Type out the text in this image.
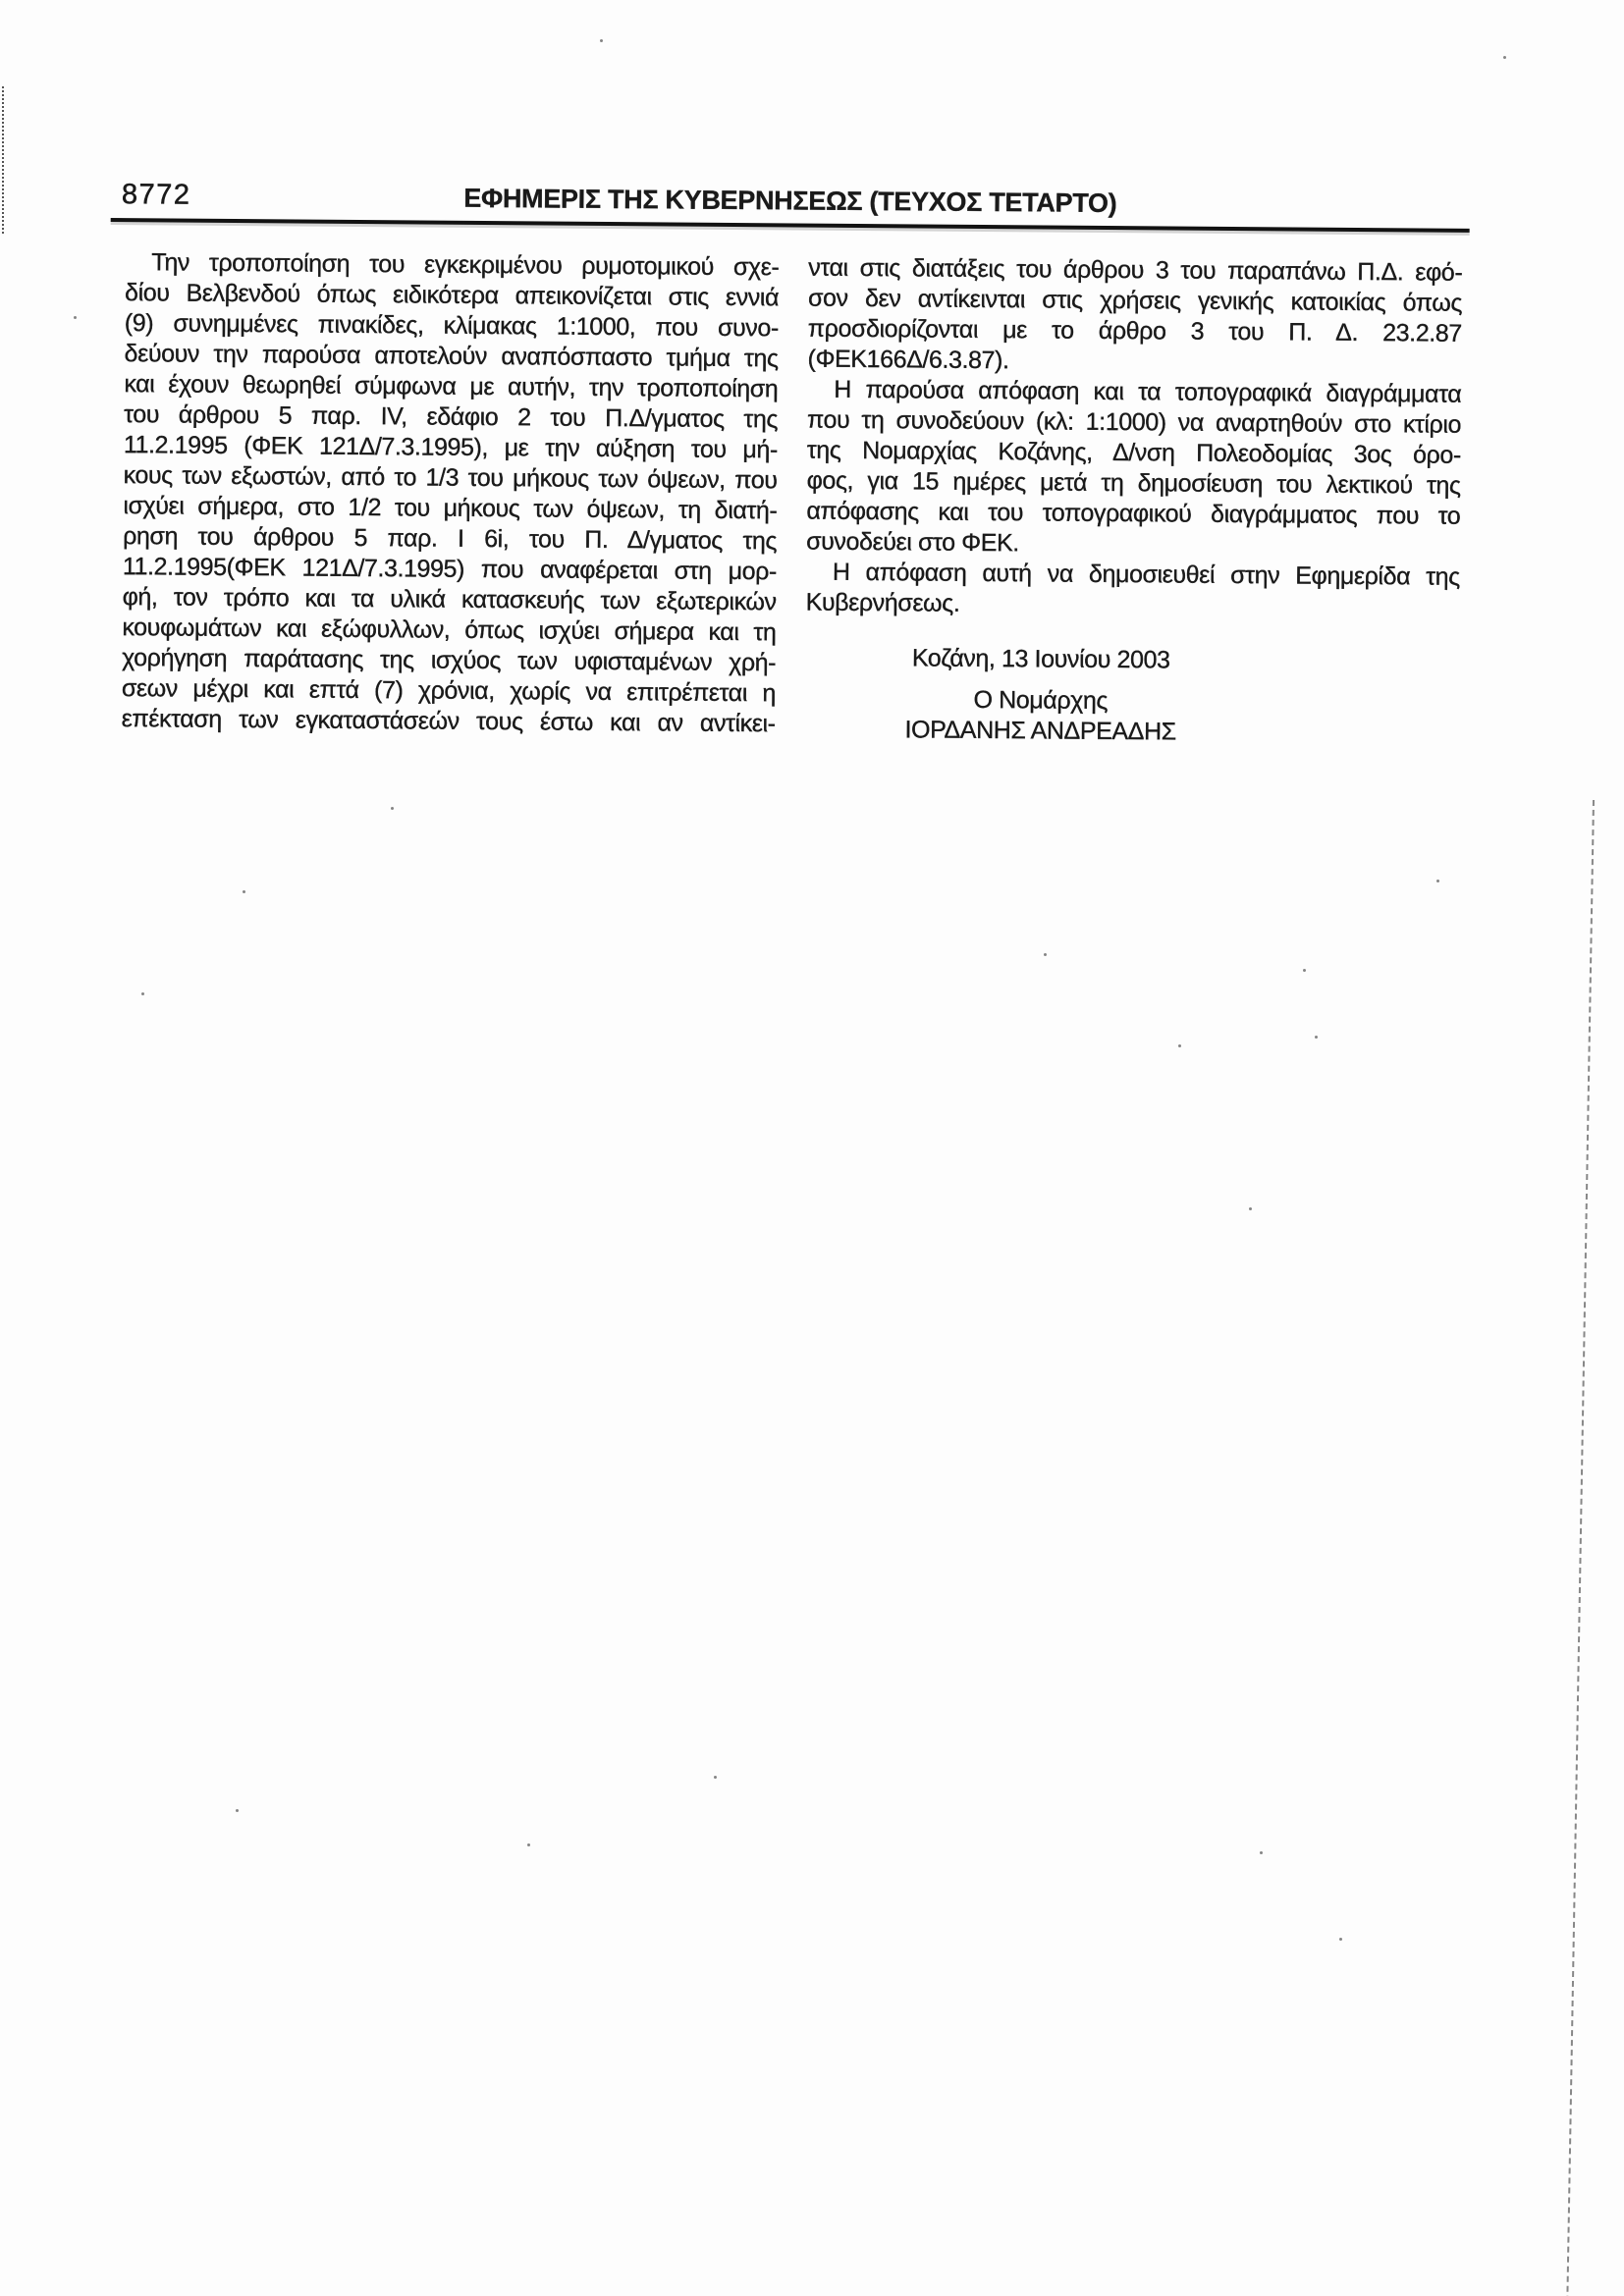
8772	ΕΦΗΜΕΡΙΣ ΤΗΣ ΚΥΒΕΡΝΗΣΕΩΣ (ΤΕΥΧΟΣ ΤΕΤΑΡΤΟ)
Την τροποποίηση του εγκεκριμένου ρυμοτομικού σχε-
δίου Βελβενδού όπως ειδικότερα απεικονίζεται στις εννιά
(9) συνημμένες πινακίδες, κλίμακας 1:1000, που συνο-
δεύουν την παρούσα αποτελούν αναπόσπαστο τμήμα της
και έχουν θεωρηθεί σύμφωνα με αυτήν, την τροποποίηση
του άρθρου 5 παρ. IV, εδάφιο 2 του Π.Δ/γματος της
11.2.1995 (ΦΕΚ 121Δ/7.3.1995), με την αύξηση του μή-
κους των εξωστών, από το 1/3 του μήκους των όψεων, που
ισχύει σήμερα, στο 1/2 του μήκους των όψεων, τη διατή-
ρηση του άρθρου 5 παρ. Ι 6i, του Π. Δ/γματος της
11.2.1995(ΦΕΚ 121Δ/7.3.1995) που αναφέρεται στη μορ-
φή, τον τρόπο και τα υλικά κατασκευής των εξωτερικών
κουφωμάτων και εξώφυλλων, όπως ισχύει σήμερα και τη
χορήγηση παράτασης της ισχύος των υφισταμένων χρή-
σεων μέχρι και επτά (7) χρόνια, χωρίς να επιτρέπεται η
επέκταση των εγκαταστάσεών τους έστω και αν αντίκει-
νται στις διατάξεις του άρθρου 3 του παραπάνω Π.Δ. εφό-
σον δεν αντίκεινται στις χρήσεις γενικής κατοικίας όπως
προσδιορίζονται με το άρθρο 3 του Π. Δ. 23.2.87
(ΦΕΚ166Δ/6.3.87).
Η παρούσα απόφαση και τα τοπογραφικά διαγράμματα
που τη συνοδεύουν (κλ: 1:1000) να αναρτηθούν στο κτίριο
της Νομαρχίας Κοζάνης, Δ/νση Πολεοδομίας 3ος όρο-
φος, για 15 ημέρες μετά τη δημοσίευση του λεκτικού της
απόφασης και του τοπογραφικού διαγράμματος που το
συνοδεύει στο ΦΕΚ.
Η απόφαση αυτή να δημοσιευθεί στην Εφημερίδα της
Κυβερνήσεως.
Κοζάνη, 13 Ιουνίου 2003
Ο Νομάρχης
ΙΟΡΔΑΝΗΣ ΑΝΔΡΕΑΔΗΣ
